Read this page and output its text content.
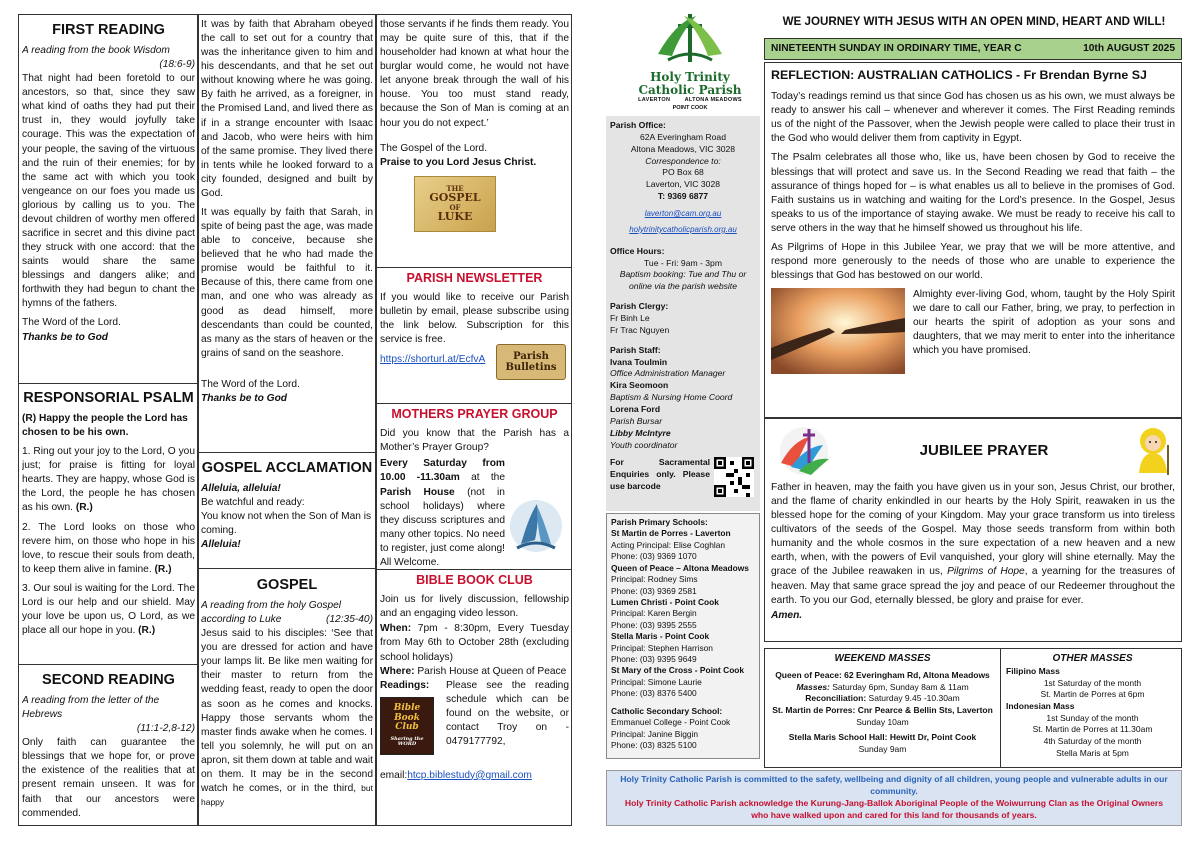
FIRST READING
A reading from the book Wisdom
(18:6-9)

That night had been foretold to our ancestors, so that, since they saw what kind of oaths they had put their trust in, they would joyfully take courage. This was the expectation of your people, the saving of the virtuous and the ruin of their enemies; for by the same act with which you took vengeance on our foes you made us glorious by calling us to you. The devout children of worthy men offered sacrifice in secret and this divine pact they struck with one accord: that the saints would share the same blessings and dangers alike; and forthwith they had begun to chant the hymns of the fathers.

The Word of the Lord.
Thanks be to God
RESPONSORIAL PSALM

(R) Happy the people the Lord has chosen to be his own.

1. Ring out your joy to the Lord, O you just; for praise is fitting for loyal hearts. They are happy, whose God is the Lord, the people he has chosen as his own. (R.)

2. The Lord looks on those who revere him, on those who hope in his love, to rescue their souls from death, to keep them alive in famine. (R.)

3. Our soul is waiting for the Lord. The Lord is our help and our shield. May your love be upon us, O Lord, as we place all our hope in you. (R.)

SECOND READING
A reading from the letter of the Hebrews
(11:1-2,8-12)

Only faith can guarantee the blessings that we hope for, or prove the existence of the realities that at present remain unseen. It was for faith that our ancestors were commended.

It was by faith that Abraham obeyed the call to set out for a country that was the inheritance given to him and his descendants, and that he set out without knowing where he was going. By faith he arrived, as a foreigner, in the Promised Land, and lived there as if in a strange encounter with Isaac and Jacob, who were heirs with him of the same promise. They lived there in tents while he looked forward to a city founded, designed and built by God.

It was equally by faith that Sarah, in spite of being past the age, was made able to conceive, because she believed that he who had made the promise would be faithful to it. Because of this, there came from one man, and one who was already as good as dead himself, more descendants than could be counted, as many as the stars of heaven or the grains of sand on the seashore.

The Word of the Lord.
Thanks be to God
GOSPEL ACCLAMATION
Alleluia, alleluia!
Be watchful and ready:
You know not when the Son of Man is coming.
Alleluia!
GOSPEL
A reading from the holy Gospel according to Luke	(12:35-40)

Jesus said to his disciples: ‘See that you are dressed for action and have your lamps lit. Be like men waiting for their master to return from the wedding feast, ready to open the door as soon as he comes and knocks. Happy those servants whom the master finds awake when he comes. I tell you solemnly, he will put on an apron, sit them down at table and wait on them. It may be in the second watch he comes, or in the third, but happy

those servants if he finds them ready. You may be quite sure of this, that if the householder had known at what hour the burglar would come, he would not have let anyone break through the wall of his house. You too must stand ready, because the Son of Man is coming at an hour you do not expect.’

The Gospel of the Lord.
Praise to you Lord Jesus Christ.
THE
GOSPEL
OF
LUKE
PARISH NEWSLETTER

If you would like to receive our Parish bulletin by email, please subscribe using the link below. Subscription for this service is free.

https://shorturl.at/EcfvA	Parish
Bulletins
MOTHERS PRAYER GROUP

Did you know that the Parish has a Mother’s Prayer Group?

Every Saturday from 10.00 -11.30am at the Parish House (not in school holidays) where they discuss scriptures and many other topics. No need to register, just come along! All Welcome.
BIBLE BOOK CLUB

Join us for lively discussion, fellowship and an engaging video lesson.

When: 7pm - 8:30pm, Every Tuesday from May 6th to October 28th (excluding school holidays)
Where: Parish House at Queen of Peace
Readings:
Bible Book
Club
Sharing the WORD
Please see the reading schedule which can be found on the website, or contact Troy on - 0479177792,
email:htcp.biblestudy@gmail.com
Holy Trinity
Catholic Parish
LAVERTON        ALTONA MEADOWS
POINT COOK
Parish Office:
62A Everingham Road
Altona Meadows, VIC 3028
Correspondence to:
PO Box 68
Laverton, VIC 3028
T: 9369 6877
laverton@cam.org.au
holytrinitycatholicparish.org.au
Office Hours:
Tue - Fri: 9am - 3pm
Baptism booking: Tue and Thu or online via the parish website
Parish Clergy:
Fr Binh Le
Fr Trac Nguyen
Parish Staff:
Ivana Toulmin
Office Administration Manager
Kira Seomoon
Baptism & Nursing Home Coord
Lorena Ford
Parish Bursar
Libby McIntyre
Youth coordinator
For Sacramental Enquiries only. Please use barcode
Parish Primary Schools:
St Martin de Porres - Laverton
Acting Principal: Elise Coghlan
Phone: (03) 9369 1070
Queen of Peace – Altona Meadows
Principal: Rodney Sims
Phone: (03) 9369 2581
Lumen Christi - Point Cook
Principal: Karen Bergin
Phone: (03) 9395 2555
Stella Maris - Point Cook
Principal: Stephen Harrison
Phone: (03) 9395 9649
St Mary of the Cross - Point Cook
Principal: Simone Laurie
Phone: (03) 8376 5400
Catholic Secondary School:
Emmanuel College - Point Cook
Principal: Janine Biggin
Phone: (03) 8325 5100
WE JOURNEY WITH JESUS WITH AN OPEN MIND, HEART AND WILL!
NINETEENTH SUNDAY IN ORDINARY TIME, YEAR C	10th AUGUST 2025
REFLECTION: AUSTRALIAN CATHOLICS - Fr Brendan Byrne SJ

Today’s readings remind us that since God has chosen us as his own, we must always be ready to answer his call – whenever and wherever it comes. The First Reading reminds us of the night of the Passover, when the Jewish people were called to place their trust in the God who would deliver them from captivity in Egypt.

The Psalm celebrates all those who, like us, have been chosen by God to receive the blessings that will protect and save us. In the Second Reading we read that faith – the assurance of things hoped for – is what enables us all to believe in the promises of God. Faith sustains us in watching and waiting for the Lord’s presence. In the Gospel, Jesus speaks to us of the importance of staying awake. We must be ready to receive his call to serve others in the way that he himself showed us throughout his life.

As Pilgrims of Hope in this Jubilee Year, we pray that we will be more attentive, and respond more generously to the needs of those who are unable to experience the blessings that God has bestowed on our world.

Almighty ever-living God, whom, taught by the Holy Spirit we dare to call our Father, bring, we pray, to perfection in our hearts the spirit of adoption as your sons and daughters, that we may merit to enter into the inheritance which you have promised.
JUBILEE PRAYER

Father in heaven, may the faith you have given us in your son, Jesus Christ, our brother, and the flame of charity enkindled in our hearts by the Holy Spirit, reawaken in us the blessed hope for the coming of your Kingdom. May your grace transform us into tireless cultivators of the seeds of the Gospel. May those seeds transform from within both humanity and the whole cosmos in the sure expectation of a new heaven and a new earth, when, with the powers of Evil vanquished, your glory will shine eternally. May the grace of the Jubilee reawaken in us, Pilgrims of Hope, a yearning for the treasures of heaven. May that same grace spread the joy and peace of our Redeemer throughout the earth. To you our God, eternally blessed, be glory and praise for ever.

Amen.
WEEKEND MASSES
Queen of Peace: 62 Everingham Rd, Altona Meadows
Masses: Saturday 6pm, Sunday 8am & 11am
Reconciliation: Saturday 9.45 -10.30am
St. Martin de Porres: Cnr Pearce & Bellin Sts, Laverton
Sunday 10am
Stella Maris School Hall: Hewitt Dr, Point Cook
Sunday 9am
OTHER MASSES
Filipino Mass
1st Saturday of the month
St. Martin de Porres at 6pm
Indonesian Mass
1st Sunday of the month
St. Martin de Porres at 11.30am
4th Saturday of the month
Stella Maris at 5pm
Holy Trinity Catholic Parish is committed to the safety, wellbeing and dignity of all children, young people and vulnerable adults in our community.
Holy Trinity Catholic Parish acknowledge the Kurung-Jang-Ballok Aboriginal People of the Woiwurrung Clan as the Original Owners who have walked upon and cared for this land for thousands of years.
